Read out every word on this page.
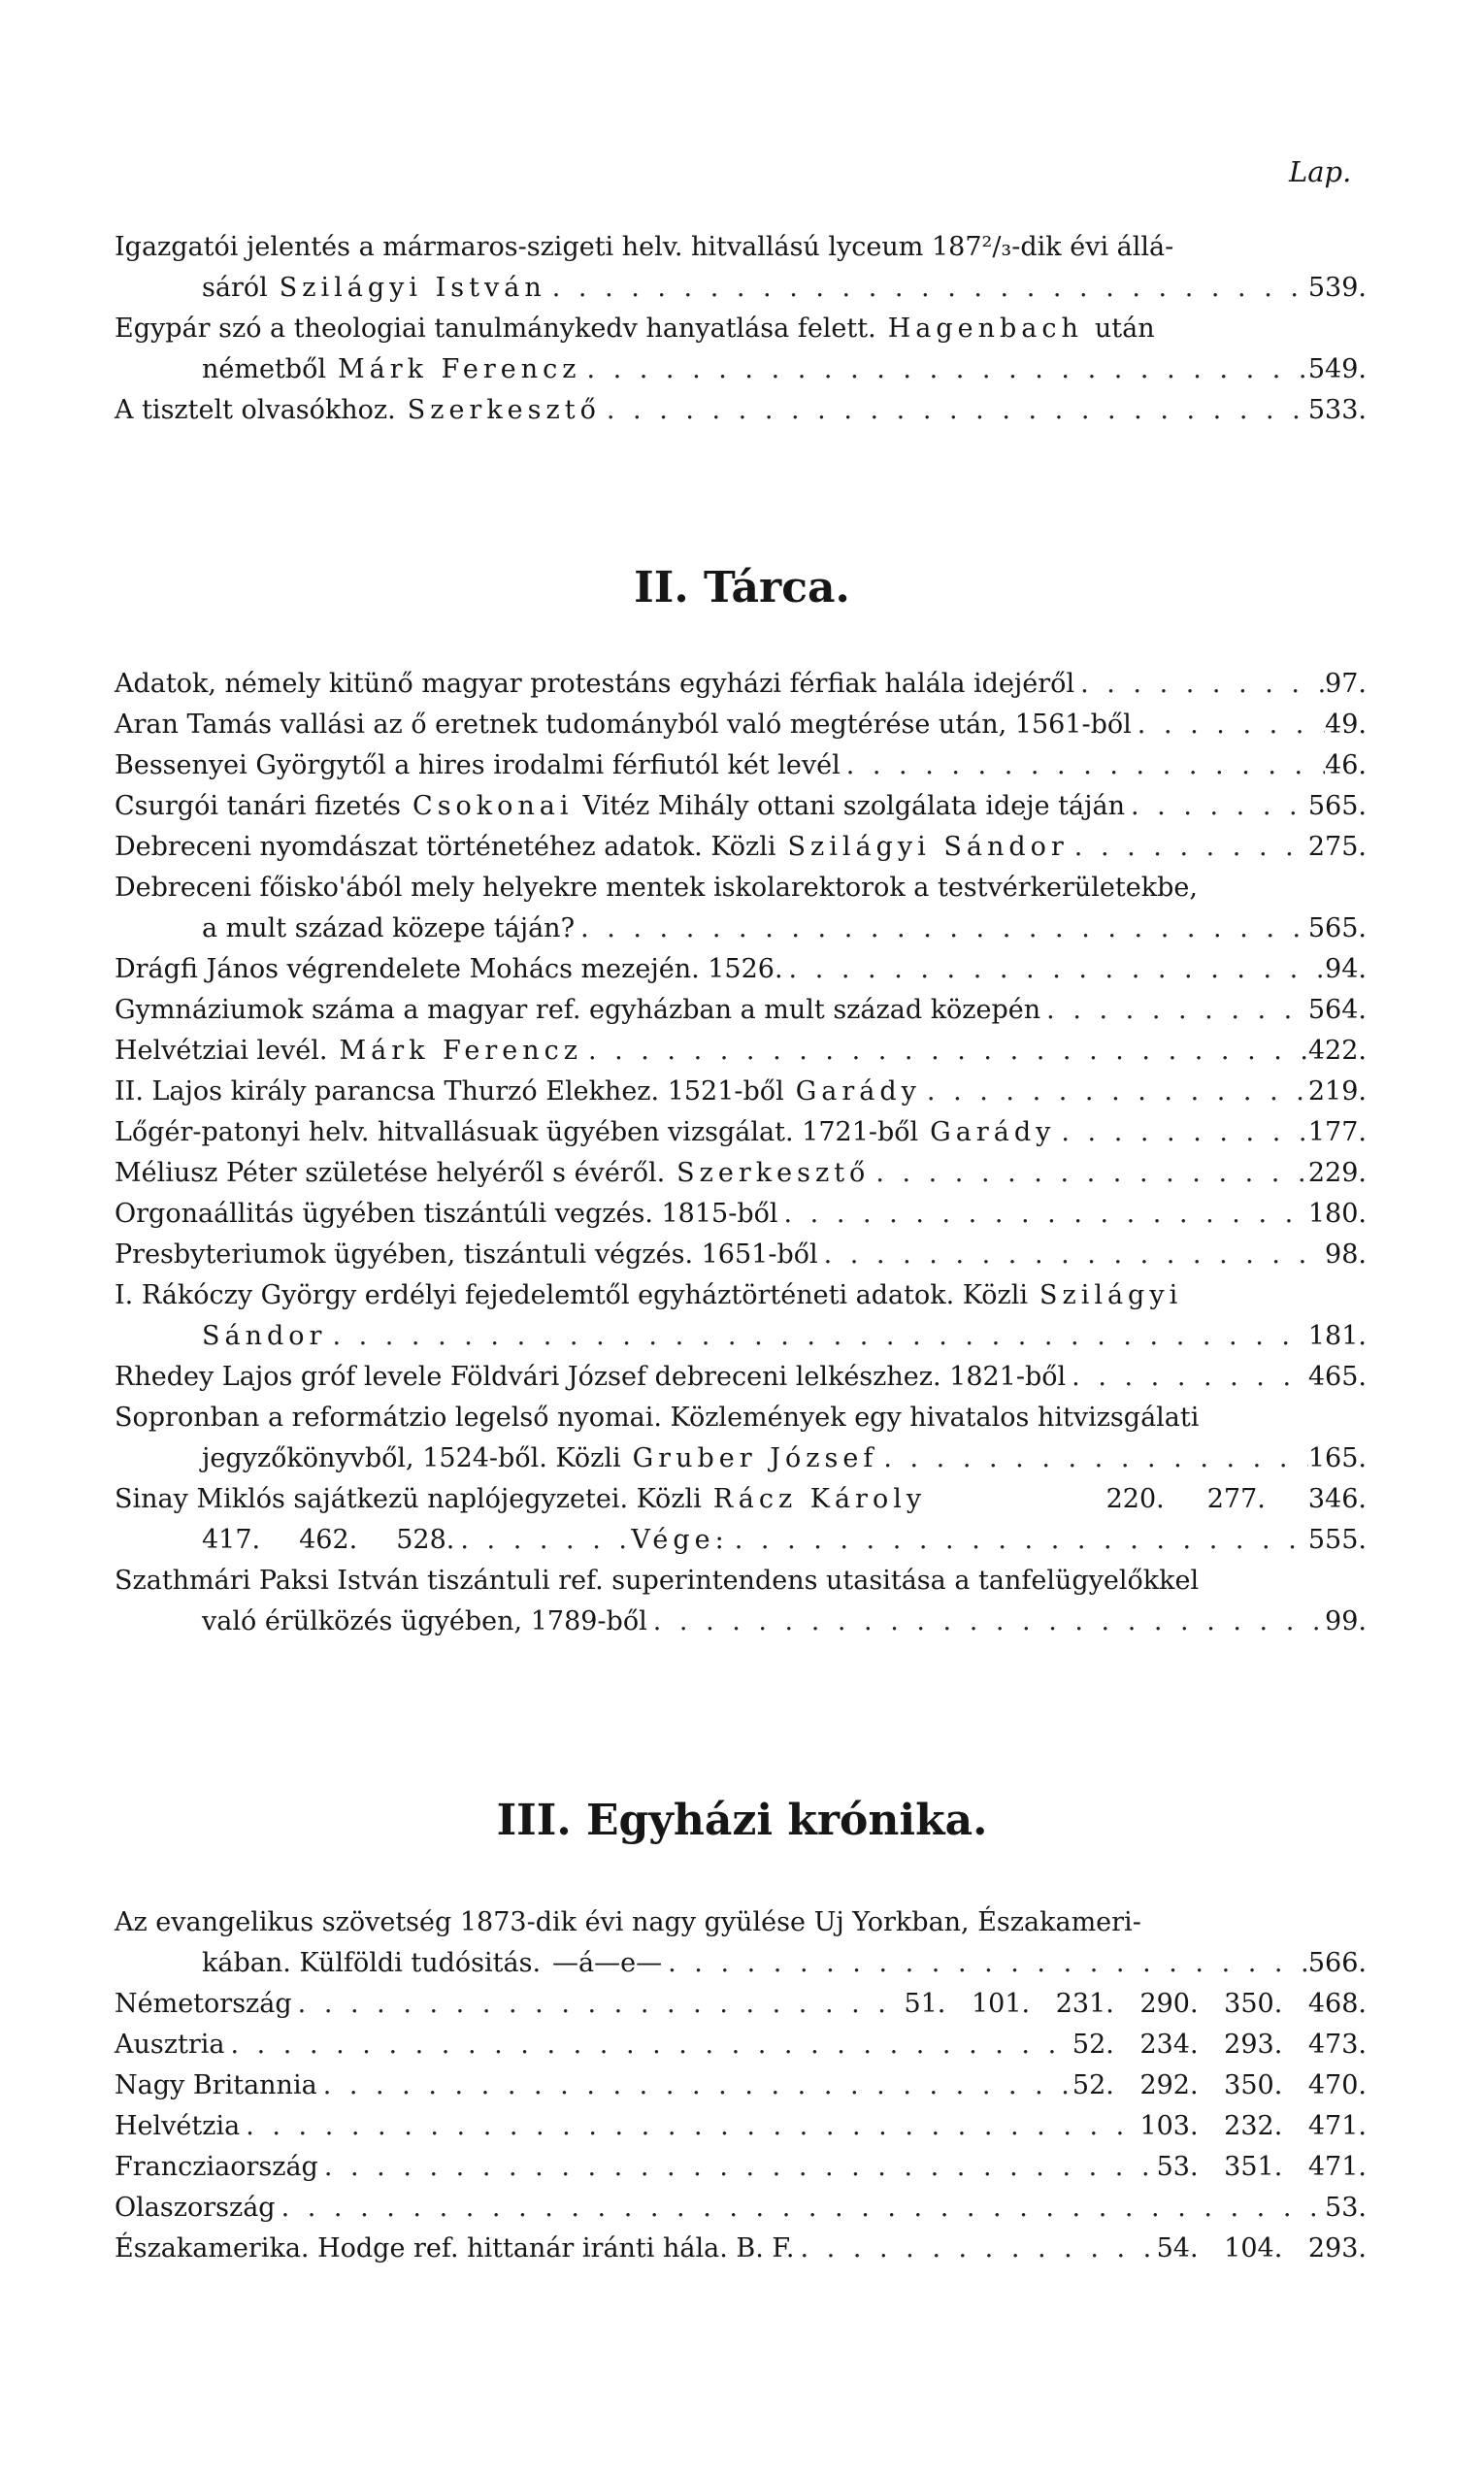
Lap.
Igazgatói jelentés a mármaros-szigeti helv. hitvallású lyceum 187²/₃-dik évi állá-
sáról Szilágyi István . . .	539.
Egypár szó a theologiai tanulmánykedv hanyatlása felett. Hagenbach után
németből Márk Ferencz . . .	549.
A tisztelt olvasókhoz. Szerkesztő . . .	533.
II. Tárca.
Adatok, némely kitünő magyar protestáns egyházi férfiak halála idejéről . . .	97.
Aran Tamás vallási az ő eretnek tudományból való megtérése után, 1561-ből . . .	49.
Bessenyei Györgytől a hires irodalmi férfiutól két levél . . .	46.
Csurgói tanári fizetés Csokonai Vitéz Mihály ottani szolgálata ideje táján . . .	565.
Debreceni nyomdászat történetéhez adatok. Közli Szilágyi Sándor . . .	275.
Debreceni főisko'ából mely helyekre mentek iskolarektorok a testvérkerületekbe,
a mult század közepe táján? . . .	565.
Drágfi János végrendelete Mohács mezején. 1526. . . .	94.
Gymnáziumok száma a magyar ref. egyházban a mult század közepén . . .	564.
Helvétziai levél. Márk Ferencz . . .	422.
II. Lajos király parancsa Thurzó Elekhez. 1521-ből Garády . . .	219.
Lőgér-patonyi helv. hitvallásuak ügyében vizsgálat. 1721-ből Garády . . .	177.
Méliusz Péter születése helyéről s évéről. Szerkesztő . . .	229.
Orgonaállitás ügyében tiszántúli vegzés. 1815-ből . . .	180.
Presbyteriumok ügyében, tiszántuli végzés. 1651-ből . . .	98.
I. Rákóczy György erdélyi fejedelemtől egyháztörténeti adatok. Közli Szilágyi
Sándor . . .	181.
Rhedey Lajos gróf levele Földvári József debreceni lelkészhez. 1821-ből . . .	465.
Sopronban a reformátzio legelső nyomai. Közlemények egy hivatalos hitvizsgálati
jegyzőkönyvből, 1524-ből. Közli Gruber József . . .	165.
Sinay Miklós sajátkezü naplójegyzetei. Közli Rácz Károly	220. 277. 346.
417. 462. 528. . . .	Vége: . . .	555.
Szathmári Paksi István tiszántuli ref. superintendens utasitása a tanfelügyelőkkel
való érülközés ügyében, 1789-ből . . .	99.
III. Egyházi krónika.
Az evangelikus szövetség 1873-dik évi nagy gyülése Uj Yorkban, Északameri-
kában. Külföldi tudósitás. —á—e— . . .	566.
Németország . . .	51. 101. 231. 290. 350. 468.
Ausztria . . .	52. 234. 293. 473.
Nagy Britannia . . .	52. 292. 350. 470.
Helvétzia . . .	103. 232. 471.
Francziaország . . .	53. 351. 471.
Olaszország . . .	53.
Északamerika. Hodge ref. hittanár iránti hála. B. F. . . .	54. 104. 293.
